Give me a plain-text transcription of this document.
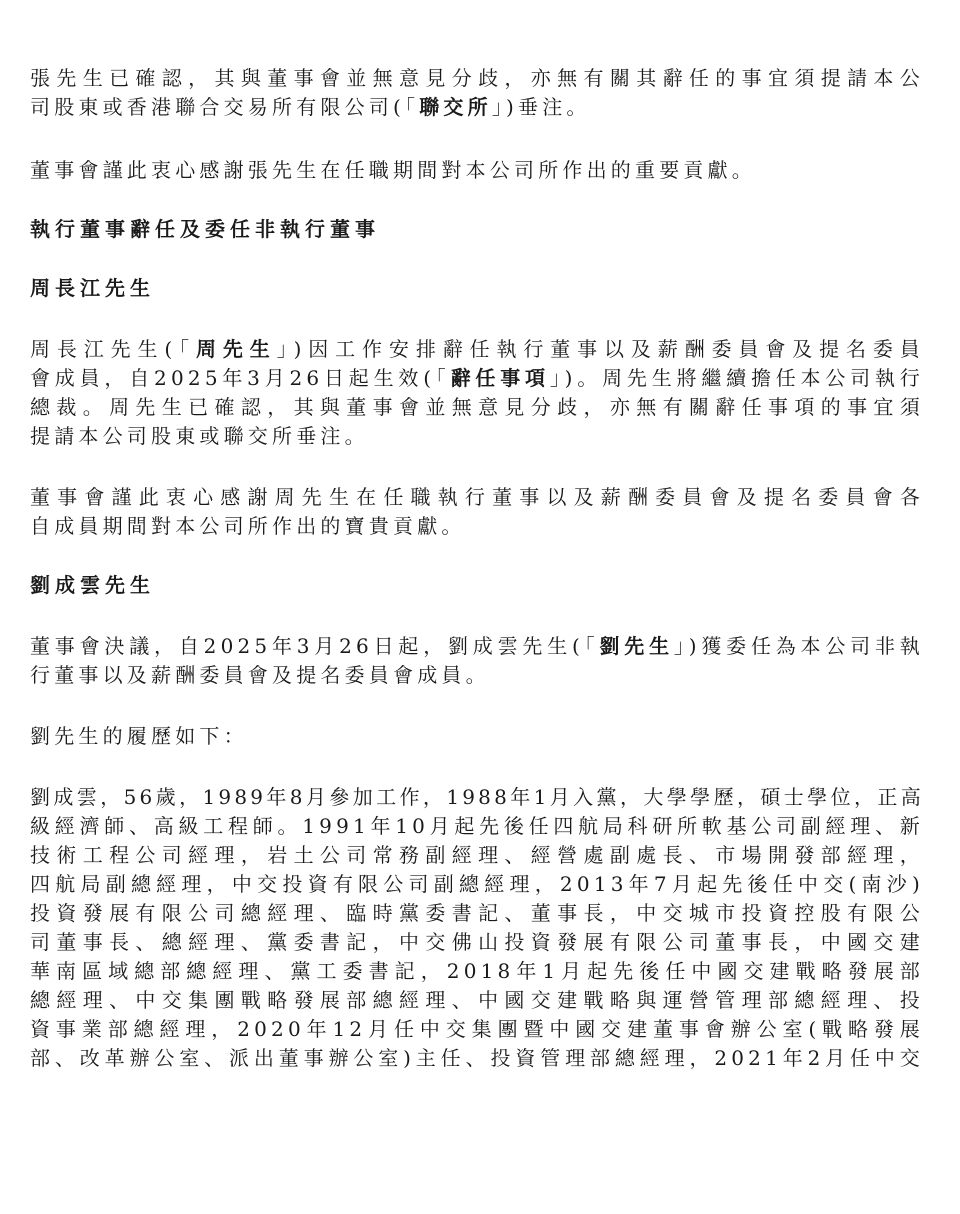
張先生已確認，其與董事會並無意見分歧，亦無有關其辭任的事宜須提請本公
司股東或香港聯合交易所有限公司(「聯交所」)垂注。

董事會謹此衷心感謝張先生在任職期間對本公司所作出的重要貢獻。

執行董事辭任及委任非執行董事

周長江先生

周長江先生(「周先生」)因工作安排辭任執行董事以及薪酬委員會及提名委員
會成員，自2025年3月26日起生效(「辭任事項」)。周先生將繼續擔任本公司執行
總裁。周先生已確認，其與董事會並無意見分歧，亦無有關辭任事項的事宜須
提請本公司股東或聯交所垂注。

董事會謹此衷心感謝周先生在任職執行董事以及薪酬委員會及提名委員會各
自成員期間對本公司所作出的寶貴貢獻。

劉成雲先生

董事會決議，自2025年3月26日起，劉成雲先生(「劉先生」)獲委任為本公司非執
行董事以及薪酬委員會及提名委員會成員。

劉先生的履歷如下：

劉成雲，56歲，1989年8月參加工作，1988年1月入黨，大學學歷，碩士學位，正高
級經濟師、高級工程師。1991年10月起先後任四航局科研所軟基公司副經理、新
技術工程公司經理，岩土公司常務副經理、經營處副處長、市場開發部經理，
四航局副總經理，中交投資有限公司副總經理，2013年7月起先後任中交(南沙)
投資發展有限公司總經理、臨時黨委書記、董事長，中交城市投資控股有限公
司董事長、總經理、黨委書記，中交佛山投資發展有限公司董事長，中國交建
華南區域總部總經理、黨工委書記，2018年1月起先後任中國交建戰略發展部
總經理、中交集團戰略發展部總經理、中國交建戰略與運營管理部總經理、投
資事業部總經理，2020年12月任中交集團暨中國交建董事會辦公室(戰略發展
部、改革辦公室、派出董事辦公室)主任、投資管理部總經理，2021年2月任中交
